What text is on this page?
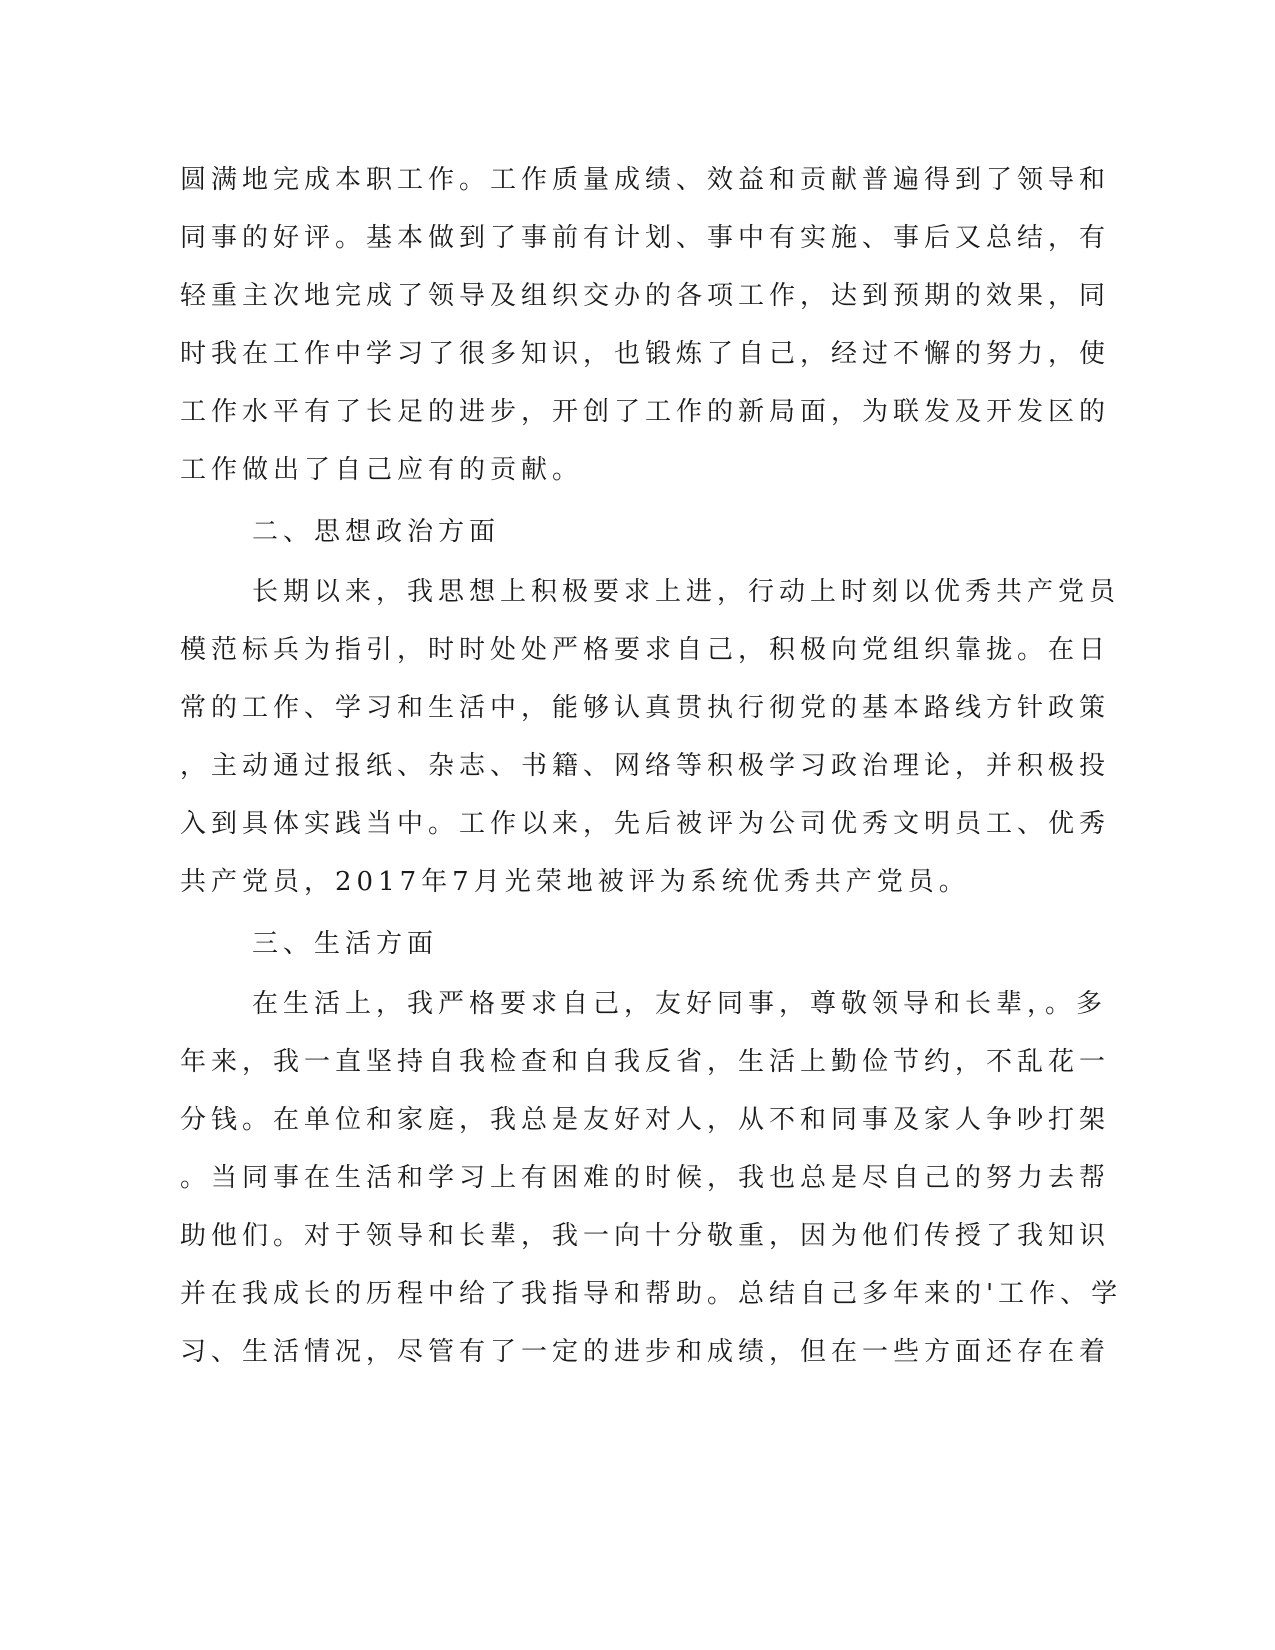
圆满地完成本职工作。工作质量成绩、效益和贡献普遍得到了领导和
同事的好评。基本做到了事前有计划、事中有实施、事后又总结，有
轻重主次地完成了领导及组织交办的各项工作，达到预期的效果，同
时我在工作中学习了很多知识，也锻炼了自己，经过不懈的努力，使
工作水平有了长足的进步，开创了工作的新局面，为联发及开发区的
工作做出了自己应有的贡献。
二、思想政治方面
长期以来，我思想上积极要求上进，行动上时刻以优秀共产党员
模范标兵为指引，时时处处严格要求自己，积极向党组织靠拢。在日
常的工作、学习和生活中，能够认真贯执行彻党的基本路线方针政策
，主动通过报纸、杂志、书籍、网络等积极学习政治理论，并积极投
入到具体实践当中。工作以来，先后被评为公司优秀文明员工、优秀
共产党员，2017年7月光荣地被评为系统优秀共产党员。
三、生活方面
在生活上，我严格要求自己，友好同事，尊敬领导和长辈，。多
年来，我一直坚持自我检查和自我反省，生活上勤俭节约，不乱花一
分钱。在单位和家庭，我总是友好对人，从不和同事及家人争吵打架
。当同事在生活和学习上有困难的时候，我也总是尽自己的努力去帮
助他们。对于领导和长辈，我一向十分敬重，因为他们传授了我知识
并在我成长的历程中给了我指导和帮助。总结自己多年来的'工作、学
习、生活情况，尽管有了一定的进步和成绩，但在一些方面还存在着
